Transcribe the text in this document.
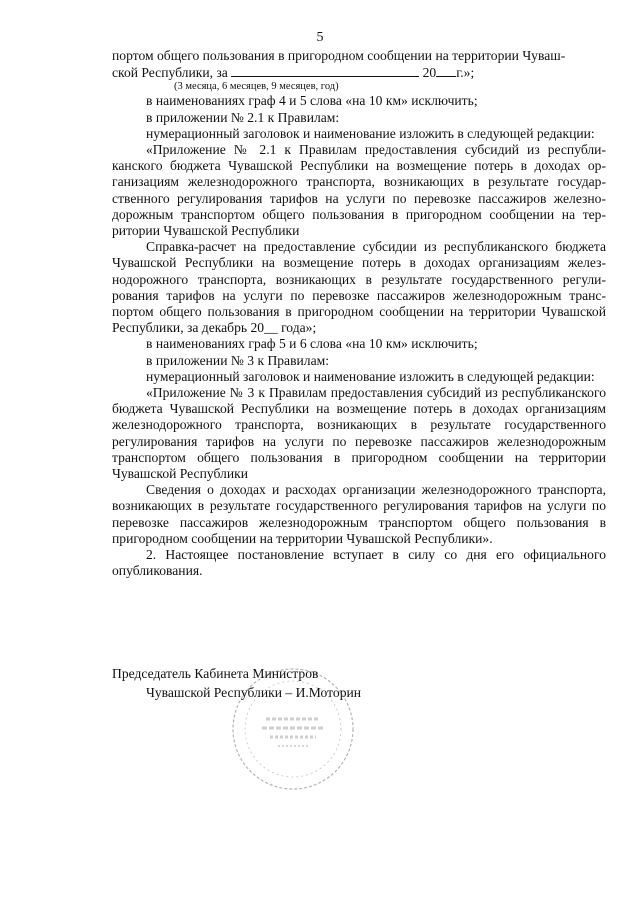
5

портом общего пользования в пригородном сообщении на территории Чуваш-

ской Республики, за	20 г.»;

(3 месяца, 6 месяцев, 9 месяцев, год)

в наименованиях граф 4 и 5 слова «на 10 км» исключить;

в приложении № 2.1 к Правилам:

нумерационный заголовок и наименование изложить в следующей редакции:

«Приложение № 2.1 к Правилам предоставления субсидий из республиканского бюджета Чувашской Республики на возмещение потерь в доходах организациям железнодорожного транспорта, возникающих в результате государственного регулирования тарифов на услуги по перевозке пассажиров железнодорожным транспортом общего пользования в пригородном сообщении на территории Чувашской Республики

Справка-расчет на предоставление субсидии из республиканского бюджета Чувашской Республики на возмещение потерь в доходах организациям железнодорожного транспорта, возникающих в результате государственного регулирования тарифов на услуги по перевозке пассажиров железнодорожным транспортом общего пользования в пригородном сообщении на территории Чувашской Республики, за декабрь 20__ года»;

в наименованиях граф 5 и 6 слова «на 10 км» исключить;

в приложении № 3 к Правилам:

нумерационный заголовок и наименование изложить в следующей редакции:

«Приложение № 3 к Правилам предоставления субсидий из республиканского бюджета Чувашской Республики на возмещение потерь в доходах организациям железнодорожного транспорта, возникающих в результате государственного регулирования тарифов на услуги по перевозке пассажиров железнодорожным транспортом общего пользования в пригородном сообщении на территории Чувашской Республики

Сведения о доходах и расходах организации железнодорожного транспорта, возникающих в результате государственного регулирования тарифов на услуги по перевозке пассажиров железнодорожным транспортом общего пользования в пригородном сообщении на территории Чувашской Республики».

2. Настоящее постановление вступает в силу со дня его официального опубликования.

Председатель Кабинета Министров
Чувашской Республики – И.Моторин
